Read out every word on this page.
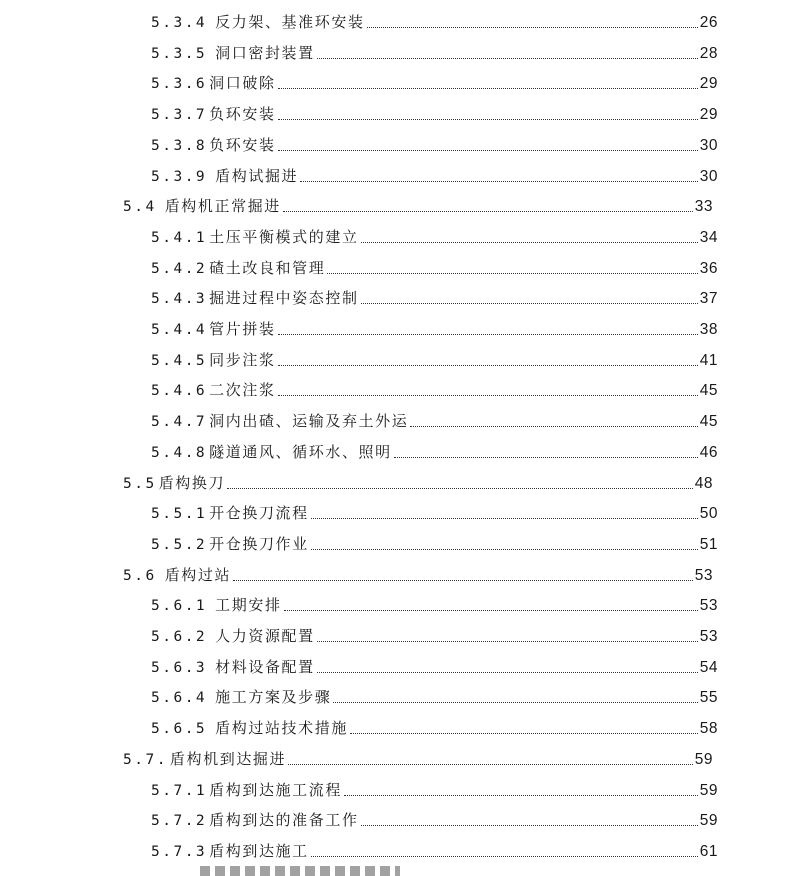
5.3.4 反力架、基准环安装	26
5.3.5 洞口密封装置	28
5.3.6 洞口破除	29
5.3.7 负环安装	29
5.3.8 负环安装	30
5.3.9 盾构试掘进	30
5.4 盾构机正常掘进	33
5.4.1 土压平衡模式的建立	34
5.4.2 碴土改良和管理	36
5.4.3 掘进过程中姿态控制	37
5.4.4 管片拼装	38
5.4.5 同步注浆	41
5.4.6 二次注浆	45
5.4.7 洞内出碴、运输及弃土外运	45
5.4.8 隧道通风、循环水、照明	46
5.5 盾构换刀	48
5.5.1 开仓换刀流程	50
5.5.2 开仓换刀作业	51
5.6 盾构过站	53
5.6.1 工期安排	53
5.6.2 人力资源配置	53
5.6.3 材料设备配置	54
5.6.4 施工方案及步骤	55
5.6.5 盾构过站技术措施	58
5.7. 盾构机到达掘进	59
5.7.1 盾构到达施工流程	59
5.7.2 盾构到达的准备工作	59
5.7.3 盾构到达施工	61
